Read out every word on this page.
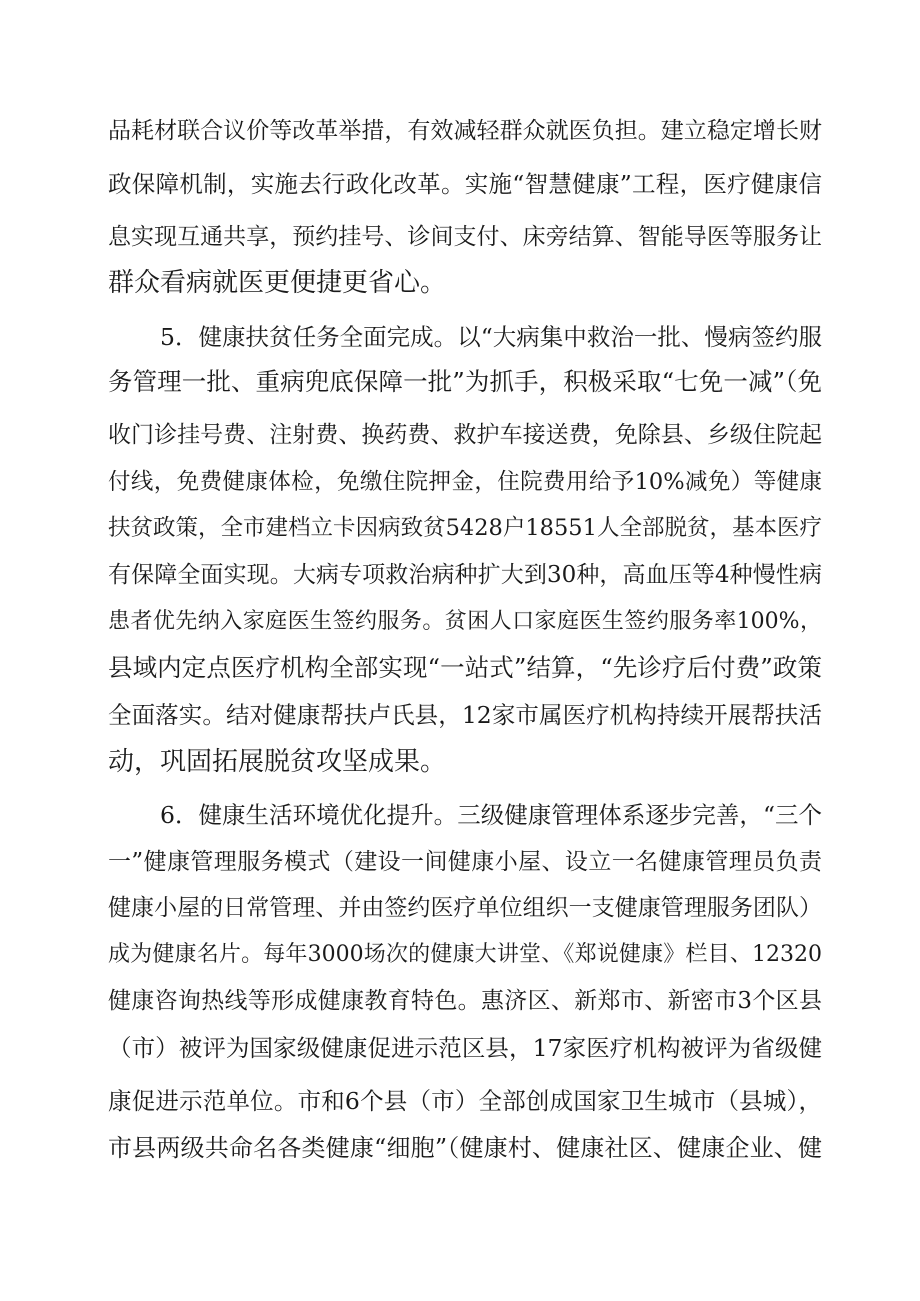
品耗材联合议价等改革举措，有效减轻群众就医负担。建立稳定增长财
政保障机制，实施去行政化改革。实施“智慧健康”工程，医疗健康信
息实现互通共享，预约挂号、诊间支付、床旁结算、智能导医等服务让
群众看病就医更便捷更省心。
5．健康扶贫任务全面完成。以“大病集中救治一批、慢病签约服
务管理一批、重病兜底保障一批”为抓手，积极采取“七免一减”（免
收门诊挂号费、注射费、换药费、救护车接送费，免除县、乡级住院起
付线，免费健康体检，免缴住院押金，住院费用给予10%减免）等健康
扶贫政策，全市建档立卡因病致贫5428户18551人全部脱贫，基本医疗
有保障全面实现。大病专项救治病种扩大到30种，高血压等4种慢性病
患者优先纳入家庭医生签约服务。贫困人口家庭医生签约服务率100%，
县域内定点医疗机构全部实现“一站式”结算，“先诊疗后付费”政策
全面落实。结对健康帮扶卢氏县，12家市属医疗机构持续开展帮扶活
动，巩固拓展脱贫攻坚成果。
6．健康生活环境优化提升。三级健康管理体系逐步完善，“三个
一”健康管理服务模式（建设一间健康小屋、设立一名健康管理员负责
健康小屋的日常管理、并由签约医疗单位组织一支健康管理服务团队）
成为健康名片。每年3000场次的健康大讲堂、《郑说健康》栏目、12320
健康咨询热线等形成健康教育特色。惠济区、新郑市、新密市3个区县
（市）被评为国家级健康促进示范区县，17家医疗机构被评为省级健
康促进示范单位。市和6个县（市）全部创成国家卫生城市（县城），
市县两级共命名各类健康“细胞”（健康村、健康社区、健康企业、健
